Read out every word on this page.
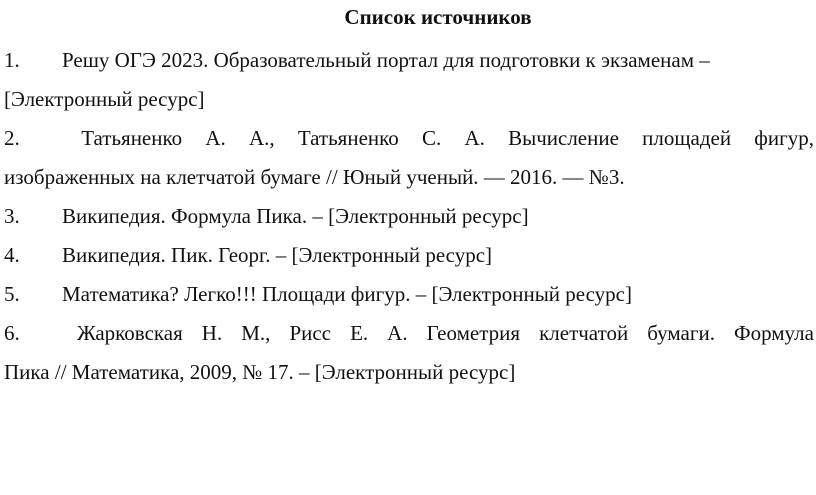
Список источников
1. Решу ОГЭ 2023. Образовательный портал для подготовки к экзаменам –
[Электронный ресурс]
2.	Татьяненко А. А., Татьяненко С. А. Вычисление площадей фигур,
изображенных на клетчатой бумаге // Юный ученый. — 2016. — №3.
3. Википедия. Формула Пика. – [Электронный ресурс]
4. Википедия. Пик. Георг. – [Электронный ресурс]
5. Математика? Легко!!! Площади фигур. – [Электронный ресурс]
6.	Жарковская Н. М., Рисс Е. А. Геометрия клетчатой бумаги. Формула
Пика // Математика, 2009, № 17. – [Электронный ресурс]
